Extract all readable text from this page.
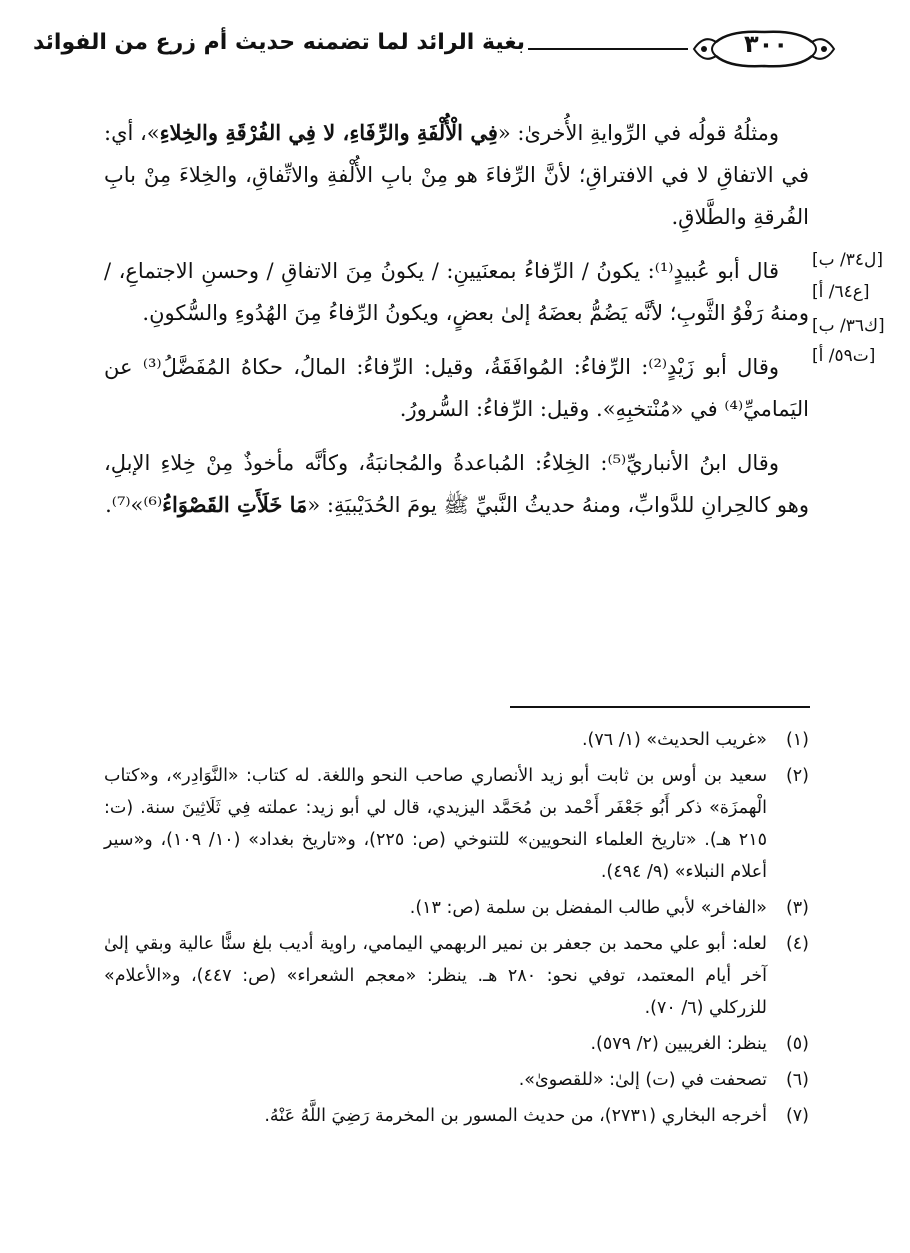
٣٠٠
بغية الرائد لما تضمنه حديث أم زرع من الفوائد

ومثلُهُ قولُه في الرِّوايةِ الأُخرىٰ: «فِي الْأُلْفَةِ والرِّفَاءِ، لا فِي الفُرْقَةِ والخِلاءِ»، أي: في الاتفاقِ لا في الافتراقِ؛ لأنَّ الرِّفاءَ هو مِنْ بابِ الأُلْفةِ والاتِّفاقِ، والخِلاءَ مِنْ بابِ الفُرقةِ والطَّلاقِ.

قال أبو عُبيدٍ⁽¹⁾: يكونُ / الرِّفاءُ بمعنَيينِ: / يكونُ مِنَ الاتفاقِ / وحسنِ الاجتماعِ، / ومنهُ رَفْوُ الثَّوبِ؛ لأنَّه يَضُمُّ بعضَهُ إلىٰ بعضٍ، ويكونُ الرِّفاءُ مِنَ الهُدُوءِ والسُّكونِ.

وقال أبو زَيْدٍ⁽²⁾: الرِّفاءُ: المُوافَقَةُ، وقيل: الرِّفاءُ: المالُ، حكاهُ المُفَضَّلُ⁽³⁾ عن اليَماميِّ⁽⁴⁾ في «مُنْتخبِهِ». وقيل: الرِّفاءُ: السُّرورُ.

وقال ابنُ الأنباريِّ⁽⁵⁾: الخِلاءُ: المُباعدةُ والمُجانبَةُ، وكأنَّه مأخوذٌ مِنْ خِلاءِ الإبلِ، وهو كالحِرانِ للدَّوابِّ، ومنهُ حديثُ النَّبيِّ ﷺ يومَ الحُدَيْبيَةِ: «مَا خَلَأَتِ القَصْوَاءُ⁽⁶⁾»⁽⁷⁾.

[ل٣٤/ ب]
[ع٦٤/ أ]
[ك٣٦/ ب]
[ت٥٩/ أ]
(١)
«غريب الحديث» (١/ ٧٦).
(٢)
سعيد بن أوس بن ثابت أبو زيد الأنصاري صاحب النحو واللغة. له كتاب: «النَّوَادِر»، و«كتاب الْهمزَة» ذكر أَبُو جَعْفَر أَحْمد بن مُحَمَّد اليزيدي، قال لي أبو زيد: عملته فِي ثَلَاثِينَ سنة. (ت: ٢١٥ هـ). «تاريخ العلماء النحويين» للتنوخي (ص: ٢٢٥)، و«تاريخ بغداد» (١٠/ ١٠٩)، و«سير أعلام النبلاء» (٩/ ٤٩٤).
(٣)
«الفاخر» لأبي طالب المفضل بن سلمة (ص: ١٣).
(٤)
لعله: أبو علي محمد بن جعفر بن نمير الربهمي اليمامي، راوية أديب بلغ سنًّا عالية وبقي إلىٰ آخر أيام المعتمد، توفي نحو: ٢٨٠ هـ. ينظر: «معجم الشعراء» (ص: ٤٤٧)، و«الأعلام» للزركلي (٦/ ٧٠).
(٥)
ينظر: الغريبين (٢/ ٥٧٩).
(٦)
تصحفت في (ت) إلىٰ: «للقصوىٰ».
(٧)
أخرجه البخاري (٢٧٣١)، من حديث المسور بن المخرمة رَضِيَ اللَّهُ عَنْهُ.
